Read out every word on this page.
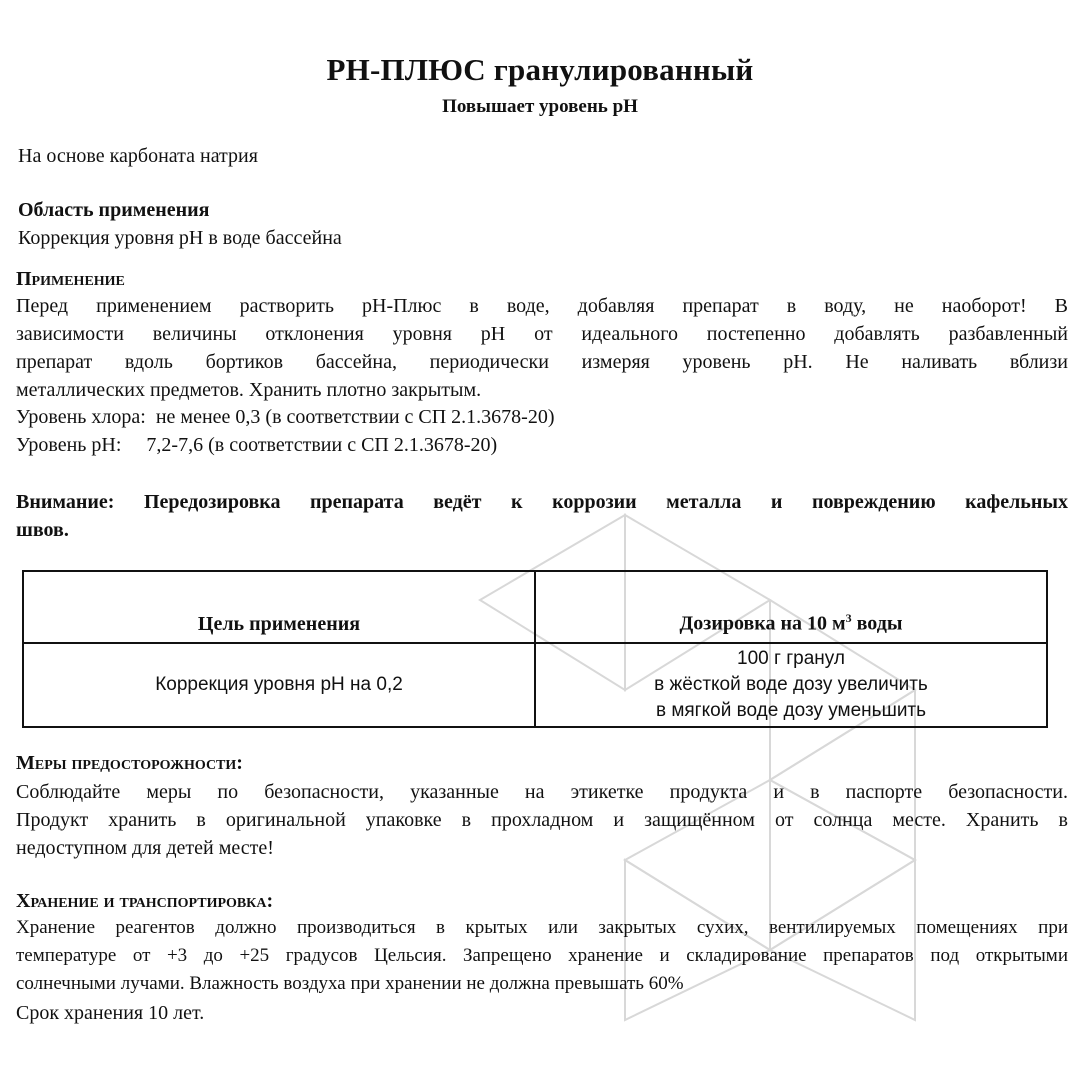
РН-ПЛЮС гранулированный
Повышает уровень рН
На основе карбоната натрия
Область применения
Коррекция уровня рН в воде бассейна
Применение
Перед применением растворить рН-Плюс в воде, добавляя препарат в воду, не наоборот! В
зависимости величины отклонения уровня рН от идеального постепенно добавлять разбавленный
препарат вдоль бортиков бассейна, периодически измеряя уровень рН. Не наливать вблизи
металлических предметов. Хранить плотно закрытым.
Уровень хлора:  не менее 0,3 (в соответствии с СП 2.1.3678-20)
Уровень рН:     7,2-7,6 (в соответствии с СП 2.1.3678-20)
Внимание: Передозировка препарата ведёт к коррозии металла и повреждению кафельных
швов.
Цель применения	Дозировка на 10 $м^3$ воды
Коррекция уровня рН на 0,2	100 г гранул
в жёсткой воде дозу увеличить
в мягкой воде дозу уменьшить
Меры предосторожности:
Соблюдайте меры по безопасности, указанные на этикетке продукта и в паспорте безопасности.
Продукт хранить в оригинальной упаковке в прохладном и защищённом от солнца месте. Хранить в
недоступном для детей месте!
Хранение и транспортировка:
Хранение реагентов должно производиться в крытых или закрытых сухих, вентилируемых помещениях при
температуре от +3 до +25 градусов Цельсия. Запрещено хранение и складирование препаратов под открытыми
солнечными лучами. Влажность воздуха при хранении не должна превышать 60%
Срок хранения 10 лет.
